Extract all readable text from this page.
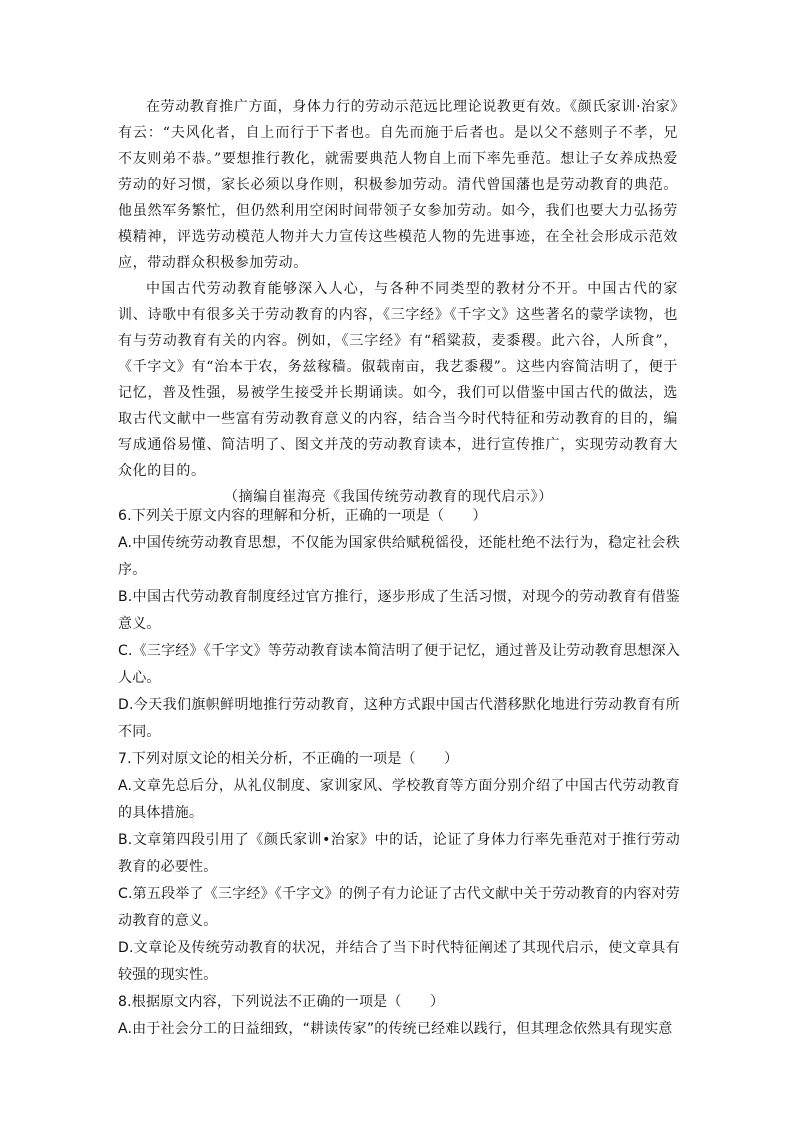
在劳动教育推广方面，身体力行的劳动示范远比理论说教更有效。《颜氏家训·治家》有云：“夫风化者，自上而行于下者也。自先而施于后者也。是以父不慈则子不孝，兄不友则弟不恭。”要想推行教化，就需要典范人物自上而下率先垂范。想让子女养成热爱劳动的好习惯，家长必须以身作则，积极参加劳动。清代曾国藩也是劳动教育的典范。他虽然军务繁忙，但仍然利用空闲时间带领子女参加劳动。如今，我们也要大力弘扬劳模精神，评选劳动模范人物并大力宣传这些模范人物的先进事迹，在全社会形成示范效应，带动群众积极参加劳动。

中国古代劳动教育能够深入人心，与各种不同类型的教材分不开。中国古代的家训、诗歌中有很多关于劳动教育的内容，《三字经》《千字文》这些著名的蒙学读物，也有与劳动教育有关的内容。例如，《三字经》有“稻粱菽，麦黍稷。此六谷，人所食”，《千字文》有“治本于农，务兹稼穑。俶载南亩，我艺黍稷”。这些内容简洁明了，便于记忆，普及性强，易被学生接受并长期诵读。如今，我们可以借鉴中国古代的做法，选取古代文献中一些富有劳动教育意义的内容，结合当今时代特征和劳动教育的目的，编写成通俗易懂、简洁明了、图文并茂的劳动教育读本，进行宣传推广，实现劳动教育大众化的目的。

（摘编自崔海亮《我国传统劳动教育的现代启示》）

6.下列关于原文内容的理解和分析，正确的一项是（　　）

A.中国传统劳动教育思想，不仅能为国家供给赋税徭役，还能杜绝不法行为，稳定社会秩序。

B.中国古代劳动教育制度经过官方推行，逐步形成了生活习惯，对现今的劳动教育有借鉴意义。

C.《三字经》《千字文》等劳动教育读本简洁明了便于记忆，通过普及让劳动教育思想深入人心。

D.今天我们旗帜鲜明地推行劳动教育，这种方式跟中国古代潜移默化地进行劳动教育有所不同。

7.下列对原文论的相关分析，不正确的一项是（　　）

A.文章先总后分，从礼仪制度、家训家风、学校教育等方面分别介绍了中国古代劳动教育的具体措施。

B.文章第四段引用了《颜氏家训•治家》中的话，论证了身体力行率先垂范对于推行劳动教育的必要性。

C.第五段举了《三字经》《千字文》的例子有力论证了古代文献中关于劳动教育的内容对劳动教育的意义。

D.文章论及传统劳动教育的状况，并结合了当下时代特征阐述了其现代启示，使文章具有较强的现实性。

8.根据原文内容，下列说法不正确的一项是（　　）

A.由于社会分工的日益细致，“耕读传家”的传统已经难以践行，但其理念依然具有现实意
